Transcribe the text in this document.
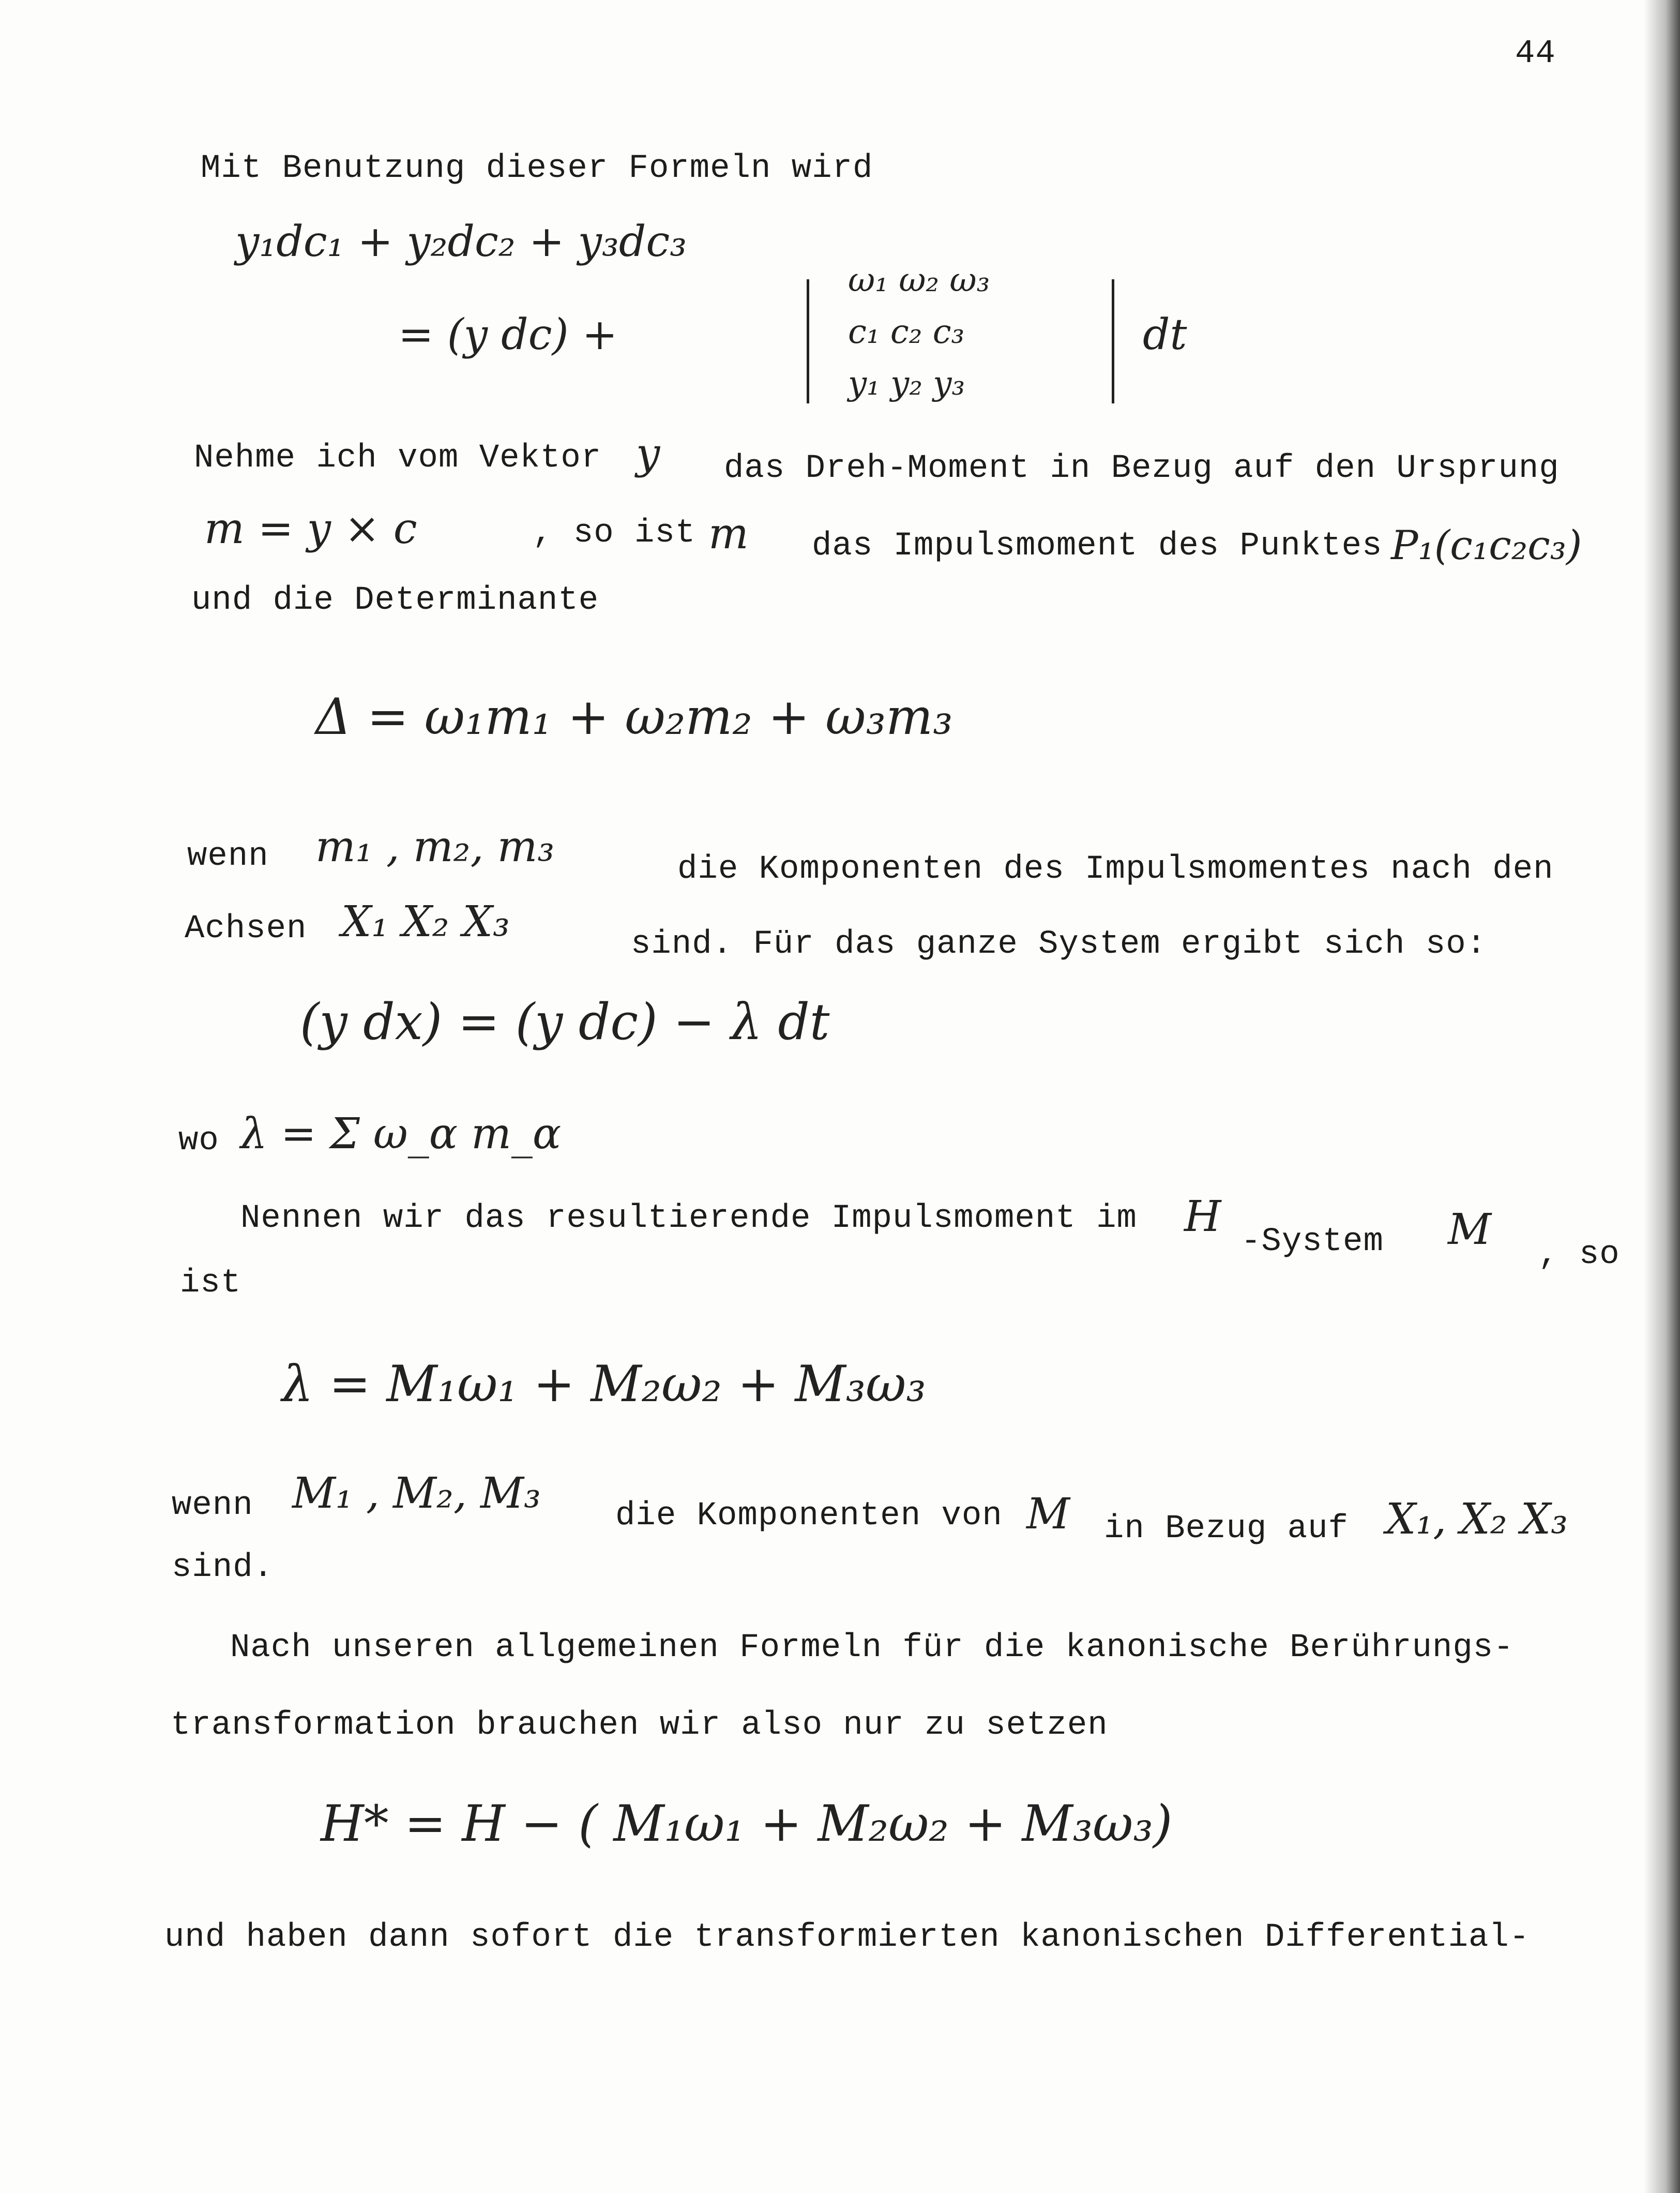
44
Mit Benutzung dieser Formeln wird
y₁dc₁ + y₂dc₂ + y₃dc₃
= (y dc) +
ω₁ ω₂ ω₃
c₁ c₂ c₃
y₁ y₂ y₃
dt
Nehme ich vom Vektor y das Dreh-Moment in Bezug auf den Ursprung
m = y × c	, so ist m das Impulsmoment des Punktes P₁(c₁c₂c₃)
und die Determinante
Δ = ω₁m₁ + ω₂m₂ + ω₃m₃
wenn m₁ , m₂, m₃	die Komponenten des Impulsmomentes nach den
Achsen X₁ X₂ X₃	sind. Für das ganze System ergibt sich so:
(y dx) = (y dc) − λ dt
wo λ = Σ ω_α m_α
Nennen wir das resultierende Impulsmoment im H
-System M
, so
ist
λ = M₁ω₁ + M₂ω₂ + M₃ω₃
wenn M₁ , M₂, M₃ die Komponenten von M in Bezug auf X₁, X₂ X₃
sind.
Nach unseren allgemeinen Formeln für die kanonische Berührungs-
transformation brauchen wir also nur zu setzen
H* = H − ( M₁ω₁ + M₂ω₂ + M₃ω₃)
und haben dann sofort die transformierten kanonischen Differential-
